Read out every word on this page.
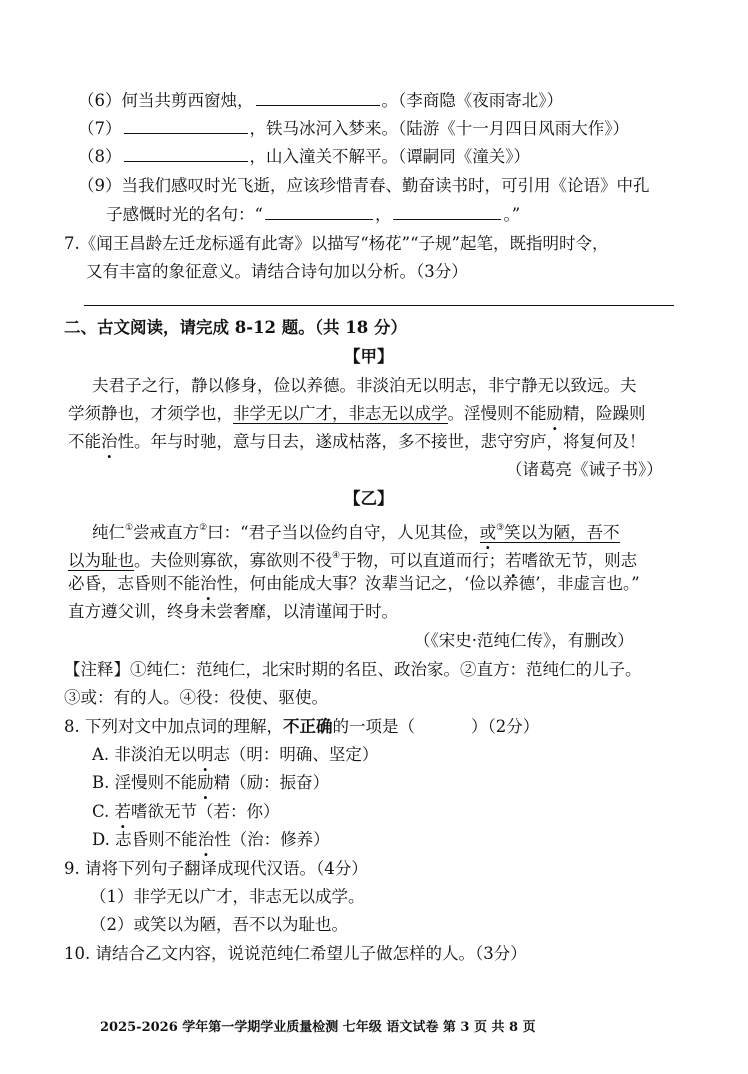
（6）何当共剪西窗烛，	。（李商隐《夜雨寄北》）
（7）	，铁马冰河入梦来。（陆游《十一月四日风雨大作》）
（8）	，山入潼关不解平。（谭嗣同《潼关》）
（9）当我们感叹时光飞逝，应该珍惜青春、勤奋读书时，可引用《论语》中孔
子感慨时光的名句：“	，	。”
7.《闻王昌龄左迁龙标遥有此寄》以描写“杨花”“子规”起笔，既指明时令，
又有丰富的象征意义。请结合诗句加以分析。（3分）
二、古文阅读，请完成 8-12 题。（共 18 分）
【甲】
夫君子之行，静以修身，俭以养德。非淡泊无以明志，非宁静无以致远。夫
学须静也，才须学也，非学无以广才，非志无以成学。淫慢则不能励精，险躁则
不能治性。年与时驰，意与日去，遂成枯落，多不接世，悲守穷庐，将复何及！
（诸葛亮《诫子书》）
【乙】
纯仁①尝戒直方②曰：“君子当以俭约自守，人见其俭，或③笑以为陋，吾不
以为耻也。夫俭则寡欲，寡欲则不役④于物，可以直道而行；若嗜欲无节，则志
必昏，志昏则不能治性，何由能成大事？汝辈当记之，‘俭以养德’，非虚言也。”
直方遵父训，终身未尝奢靡，以清谨闻于时。
（《宋史·范纯仁传》，有删改）
【注释】①纯仁：范纯仁，北宋时期的名臣、政治家。②直方：范纯仁的儿子。
③或：有的人。④役：役使、驱使。
8. 下列对文中加点词的理解，不正确的一项是（	）（2分）
A. 非淡泊无以明志（明：明确、坚定）
B. 淫慢则不能励精（励：振奋）
C. 若嗜欲无节（若：你）
D. 志昏则不能治性（治：修养）
9. 请将下列句子翻译成现代汉语。（4分）
（1）非学无以广才，非志无以成学。
（2）或笑以为陋，吾不以为耻也。
10. 请结合乙文内容，说说范纯仁希望儿子做怎样的人。（3分）
2025-2026 学年第一学期学业质量检测 七年级 语文试卷 第 3 页 共 8 页
